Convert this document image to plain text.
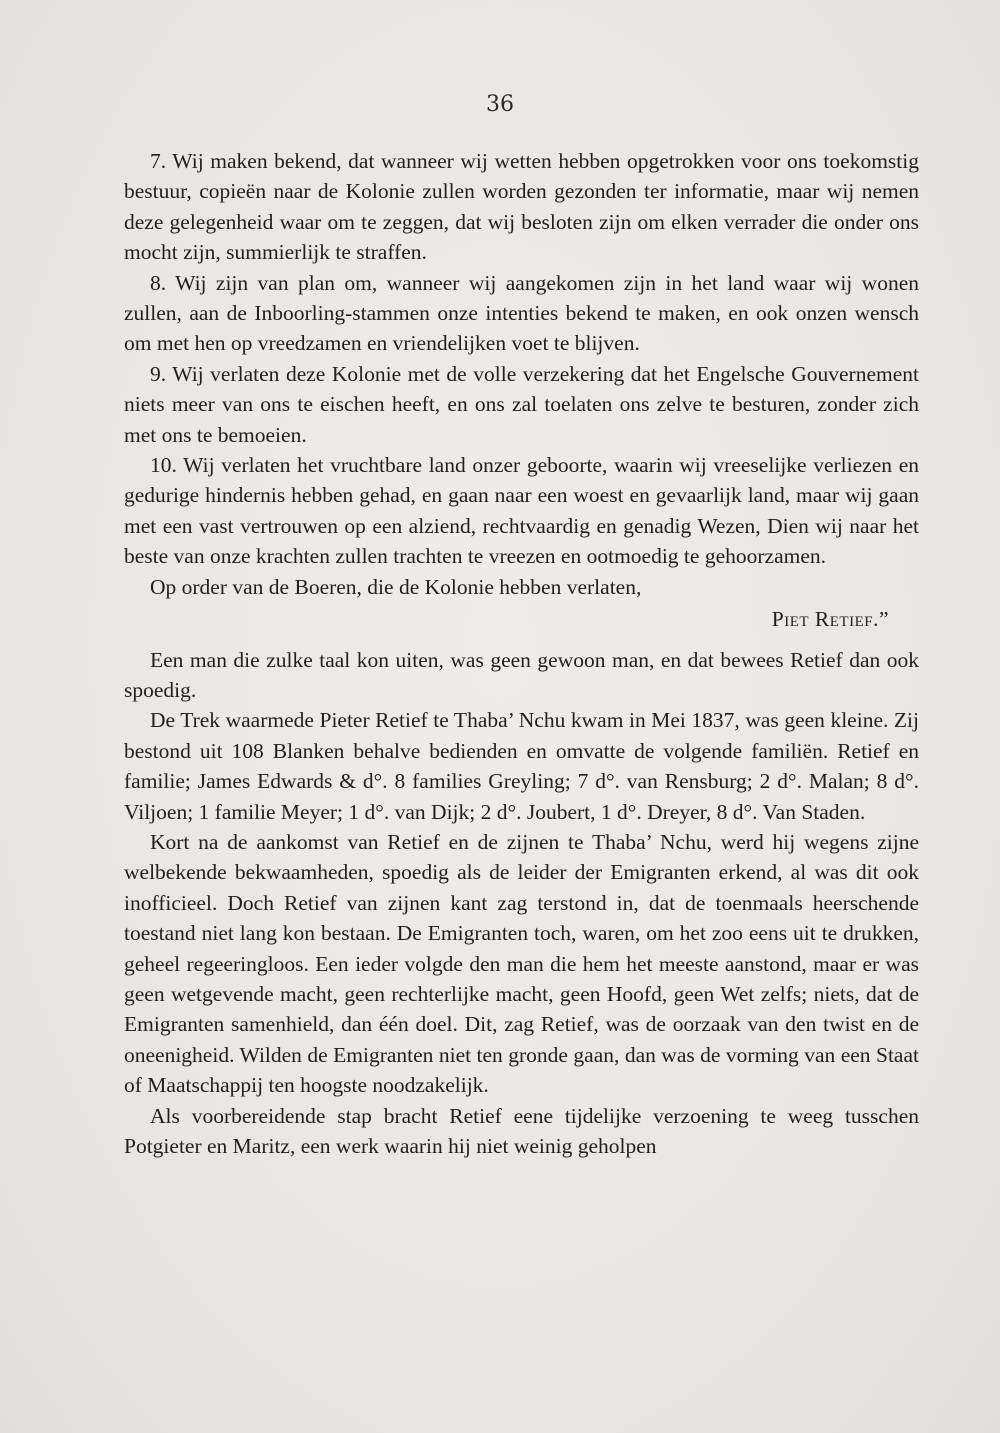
36

7. Wij maken bekend, dat wanneer wij wetten hebben opgetrokken voor ons toekomstig bestuur, copieën naar de Kolonie zullen worden gezonden ter informatie, maar wij nemen deze gelegenheid waar om te zeggen, dat wij besloten zijn om elken verrader die onder ons mocht zijn, summierlijk te straffen.

8. Wij zijn van plan om, wanneer wij aangekomen zijn in het land waar wij wonen zullen, aan de Inboorling-stammen onze intenties bekend te maken, en ook onzen wensch om met hen op vreedzamen en vriendelijken voet te blijven.

9. Wij verlaten deze Kolonie met de volle verzekering dat het Engelsche Gouvernement niets meer van ons te eischen heeft, en ons zal toelaten ons zelve te besturen, zonder zich met ons te bemoeien.

10. Wij verlaten het vruchtbare land onzer geboorte, waarin wij vreeselijke verliezen en gedurige hindernis hebben gehad, en gaan naar een woest en gevaarlijk land, maar wij gaan met een vast vertrouwen op een alziend, rechtvaardig en genadig Wezen, Dien wij naar het beste van onze krachten zullen trachten te vreezen en ootmoedig te gehoorzamen.

Op order van de Boeren, die de Kolonie hebben verlaten,

Piet Retief.”

Een man die zulke taal kon uiten, was geen gewoon man, en dat bewees Retief dan ook spoedig.

De Trek waarmede Pieter Retief te Thaba’ Nchu kwam in Mei 1837, was geen kleine. Zij bestond uit 108 Blanken behalve bedienden en omvatte de volgende familiën. Retief en familie; James Edwards & d°. 8 families Greyling; 7 d°. van Rensburg; 2 d°. Malan; 8 d°. Viljoen; 1 familie Meyer; 1 d°. van Dijk; 2 d°. Joubert, 1 d°. Dreyer, 8 d°. Van Staden.

Kort na de aankomst van Retief en de zijnen te Thaba’ Nchu, werd hij wegens zijne welbekende bekwaamheden, spoedig als de leider der Emigranten erkend, al was dit ook inofficieel. Doch Retief van zijnen kant zag terstond in, dat de toenmaals heerschende toestand niet lang kon bestaan. De Emigranten toch, waren, om het zoo eens uit te drukken, geheel regeeringloos. Een ieder volgde den man die hem het meeste aanstond, maar er was geen wetgevende macht, geen rechterlijke macht, geen Hoofd, geen Wet zelfs; niets, dat de Emigranten samenhield, dan één doel. Dit, zag Retief, was de oorzaak van den twist en de oneenigheid. Wilden de Emigranten niet ten gronde gaan, dan was de vorming van een Staat of Maatschappij ten hoogste noodzakelijk.

Als voorbereidende stap bracht Retief eene tijdelijke verzoening te weeg tusschen Potgieter en Maritz, een werk waarin hij niet weinig geholpen
